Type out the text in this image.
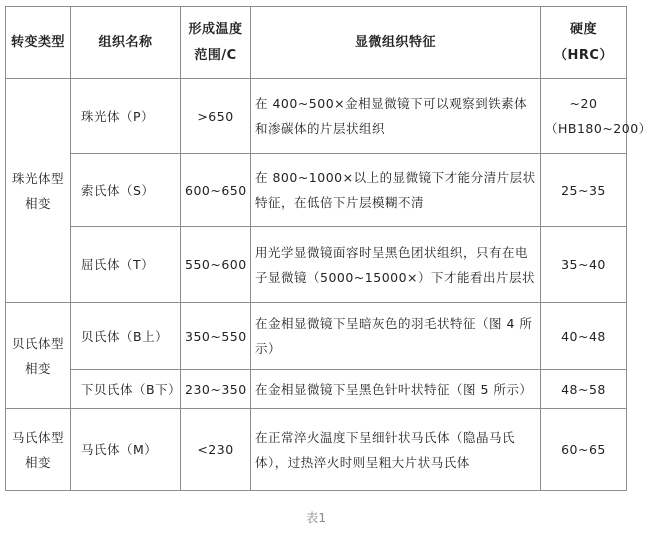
转变类型	组织名称	形成温度范围/C	显微组织特征	硬度（HRC）
珠光体型相变	珠光体（P）	>650	在 400~500×金相显微镜下可以观察到铁素体和渗碳体的片层状组织	~20（HB180~200）
	索氏体（S）	600~650	在 800~1000×以上的显微镜下才能分清片层状特征，在低倍下片层模糊不清	25~35
	屈氏体（T）	550~600	用光学显微镜面容时呈黑色团状组织，只有在电子显微镜（5000~15000×）下才能看出片层状	35~40
贝氏体型相变	贝氏体（B上）	350~550	在金相显微镜下呈暗灰色的羽毛状特征（图 4 所示）	40~48
	下贝氏体（B下）	230~350	在金相显微镜下呈黑色针叶状特征（图 5 所示）	48~58
马氏体型相变	马氏体（M）	<230	在正常淬火温度下呈细针状马氏体（隐晶马氏体），过热淬火时则呈粗大片状马氏体	60~65
表1
